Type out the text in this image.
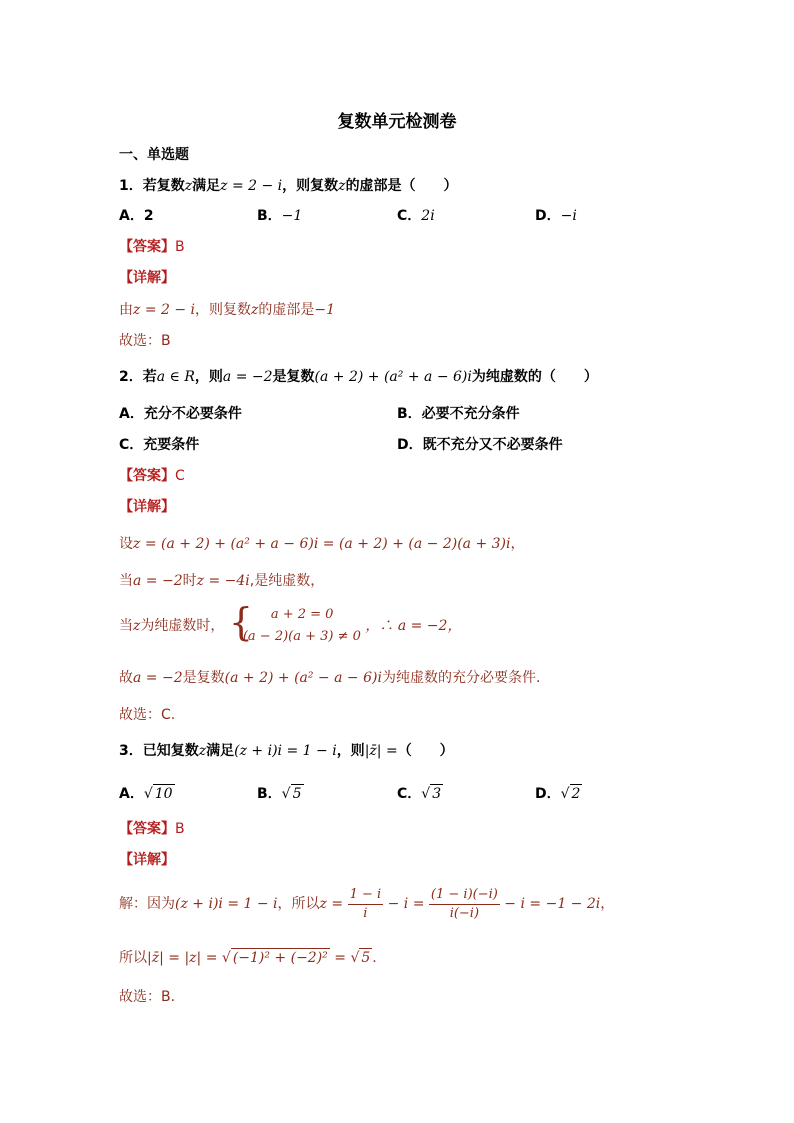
复数单元检测卷
一、单选题
1．若复数z满足z = 2 − i，则复数z的虚部是（　　）
A．2	B．−1	C．2i	D．−i
【答案】B
【详解】
由z = 2 − i，则复数z的虚部是−1
故选：B
2．若a ∈ R，则a = −2是复数(a + 2) + (a² + a − 6)i为纯虚数的（　　）
A．充分不必要条件	B．必要不充分条件
C．充要条件	D．既不充分又不必要条件
【答案】C
【详解】
设z = (a + 2) + (a² + a − 6)i = (a + 2) + (a − 2)(a + 3)i，
当a = −2时z = −4i,是纯虚数，
当z为纯虚数时， {	a + 2 = 0
(a − 2)(a + 3) ≠ 0
，∴ a = −2，
故a = −2是复数(a + 2) + (a² − a − 6)i为纯虚数的充分必要条件.
故选：C.
3．已知复数z满足(z + i)i = 1 − i，则|z̄| =（　　）
A．√ 10	B．√ 5	C．√ 3	D．√ 2
【答案】B
【详解】
解：因为(z + i)i = 1 − i，所以$z = \frac{1 - i}{i} - i = \frac{(1 - i)(-i)}{i(-i)} - i = -1 - 2i$，
所以|z̄| = |z| = √ (−1)² + (−2)² = √ 5 .
故选：B.
